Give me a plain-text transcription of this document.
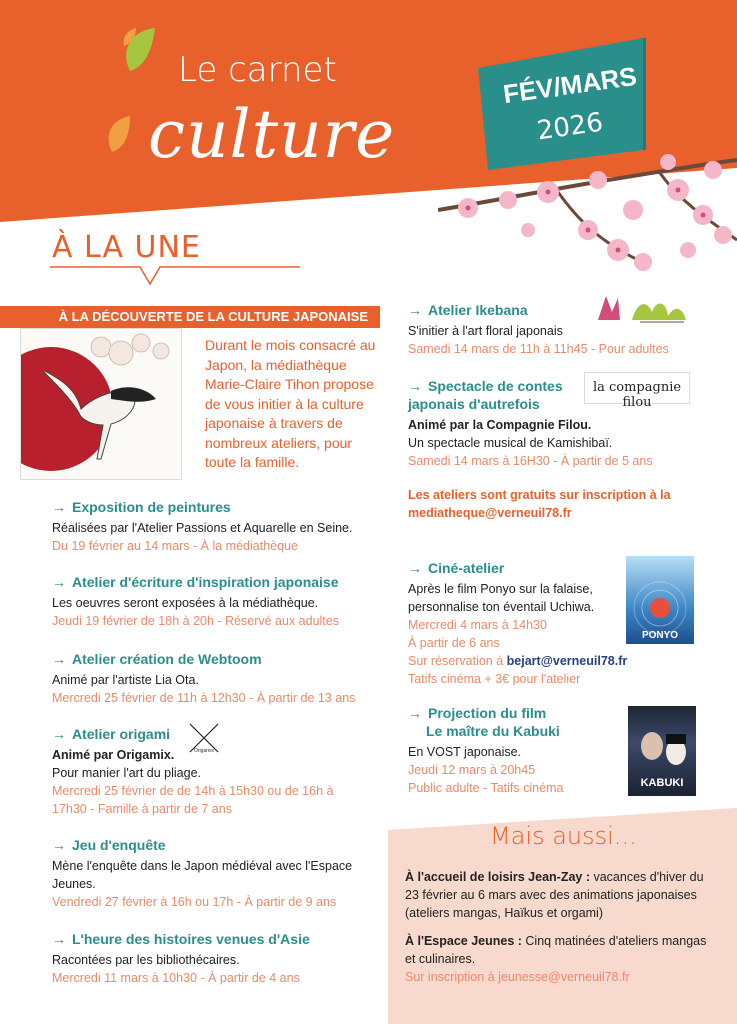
Le carnet
culture
FÉV/MARS
2026
À LA UNE
À LA DÉCOUVERTE DE LA CULTURE JAPONAISE
Durant le mois consacré au Japon, la médiathèque Marie-Claire Tihon propose de vous initier à la culture japonaise à travers de nombreux ateliers, pour toute la famille.
→ Exposition de peintures
Réalisées par l'Atelier Passions et Aquarelle en Seine.
Du 19 février au 14 mars - À la médiathèque
→ Atelier d'écriture d'inspiration japonaise
Les oeuvres seront exposées à la médiathèque.
Jeudi 19 février de 18h à 20h - Réservé aux adultes
→ Atelier création de Webtoom
Animé par l'artiste Lia Ota.
Mercredi 25 février de 11h à 12h30 - À partir de 13 ans
→ Atelier origami
Animé par Origamix.
Pour manier l'art du pliage.
Mercredi 25 février de de 14h à 15h30 ou de 16h à 17h30 - Famille à partir de 7 ans
Origamix
→ Jeu d'enquête
Mène l'enquête dans le Japon médiéval avec l'Espace Jeunes.
Vendredi 27 février à 16h ou 17h - À partir de 9 ans
→ L'heure des histoires venues d'Asie
Racontées par les bibliothécaires.
Mercredi 11 mars à 10h30 - À partir de 4 ans
→ Atelier Ikebana
S'initier à l'art floral japonais
Samedi 14 mars de 11h à 11h45 - Pour adultes
→ Spectacle de contes
japonais d'autrefois
Animé par la Compagnie Filou.
Un spectacle musical de Kamishibaï.
Samedi 14 mars à 16H30 - À partir de 5 ans
la compagnie filou
Les ateliers sont gratuits sur inscription à la mediatheque@verneuil78.fr
→ Ciné-atelier
Après le film Ponyo sur la falaise, personnalise ton éventail Uchiwa.
Mercredi 4 mars à 14h30
À partir de 6 ans
Sur réservation à bejart@verneuil78.fr
Tatifs cinéma + 3€ pour l'atelier
PONYO
→ Projection du film
Le maître du Kabuki
En VOST japonaise.
Jeudi 12 mars à 20h45
Public adulte - Tatifs cinéma	KABUKI
Mais aussi...
À l'accueil de loisirs Jean-Zay : vacances d'hiver du 23 février au 6 mars avec des animations japonaises (ateliers mangas, Haïkus et orgami)
À l'Espace Jeunes : Cinq matinées d'ateliers mangas et culinaires.
Sur inscription à jeunesse@verneuil78.fr
